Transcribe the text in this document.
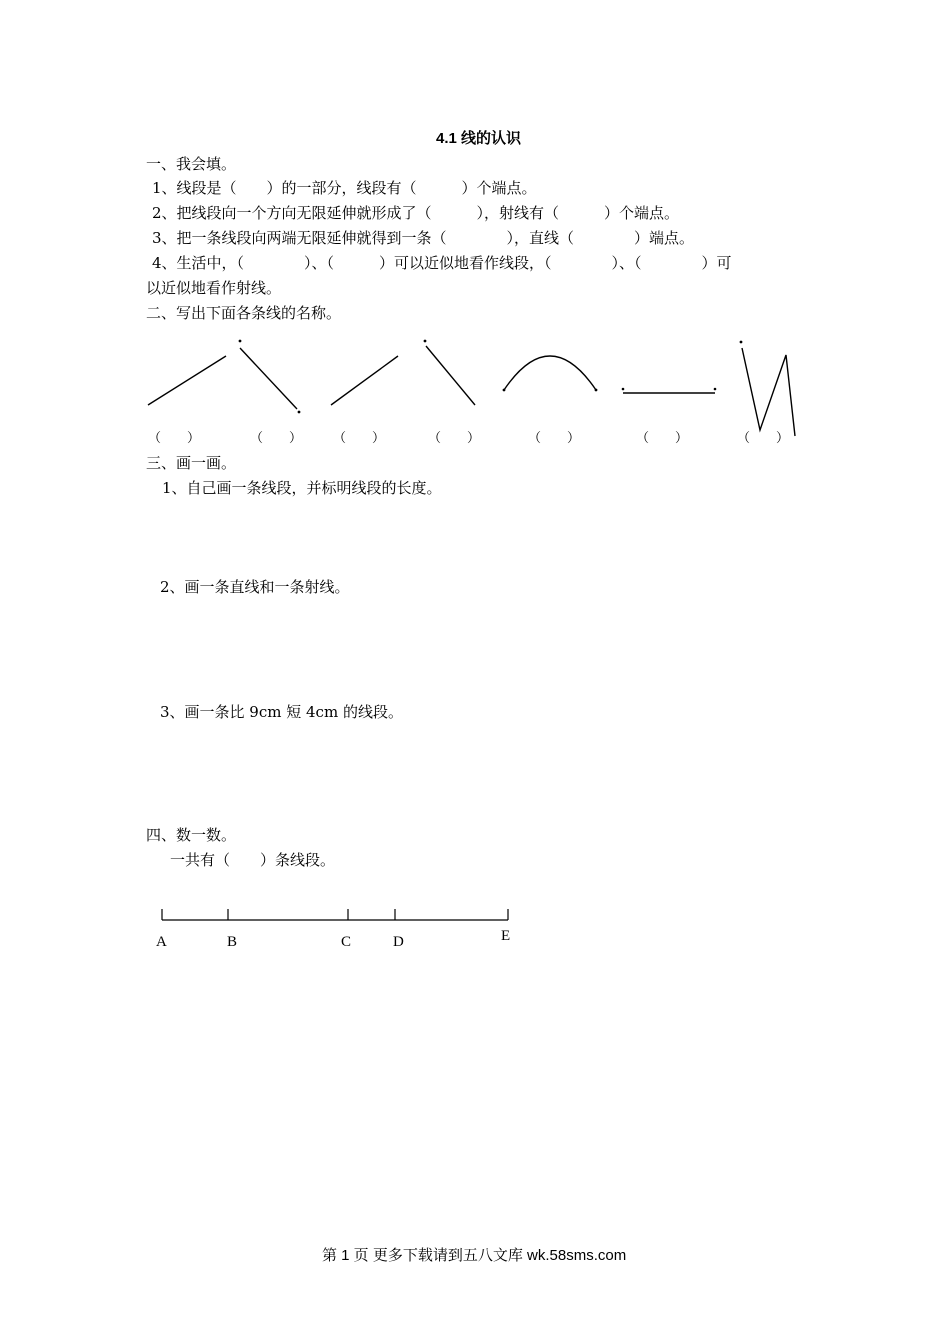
4.1 线的认识
一、我会填。
1、线段是（　　）的一部分，线段有（　　　）个端点。
2、把线段向一个方向无限延伸就形成了（　　　），射线有（　　　）个端点。
3、把一条线段向两端无限延伸就得到一条（　　　　），直线（　　　　）端点。
4、生活中，（　　　　）、（　　　）可以近似地看作线段，（　　　　）、（　　　　）可
以近似地看作射线。
二、写出下面各条线的名称。
（　　）	（　　） （　　）	（　　）	（　　）	（　　）	（　　）
三、画一画。
1、自己画一条线段，并标明线段的长度。
2、画一条直线和一条射线。
3、画一条比 9cm 短 4cm 的线段。
四、数一数。
一共有（　　）条线段。
A	B	C	D	E
第 1 页 更多下载请到五八文库 wk.58sms.com
